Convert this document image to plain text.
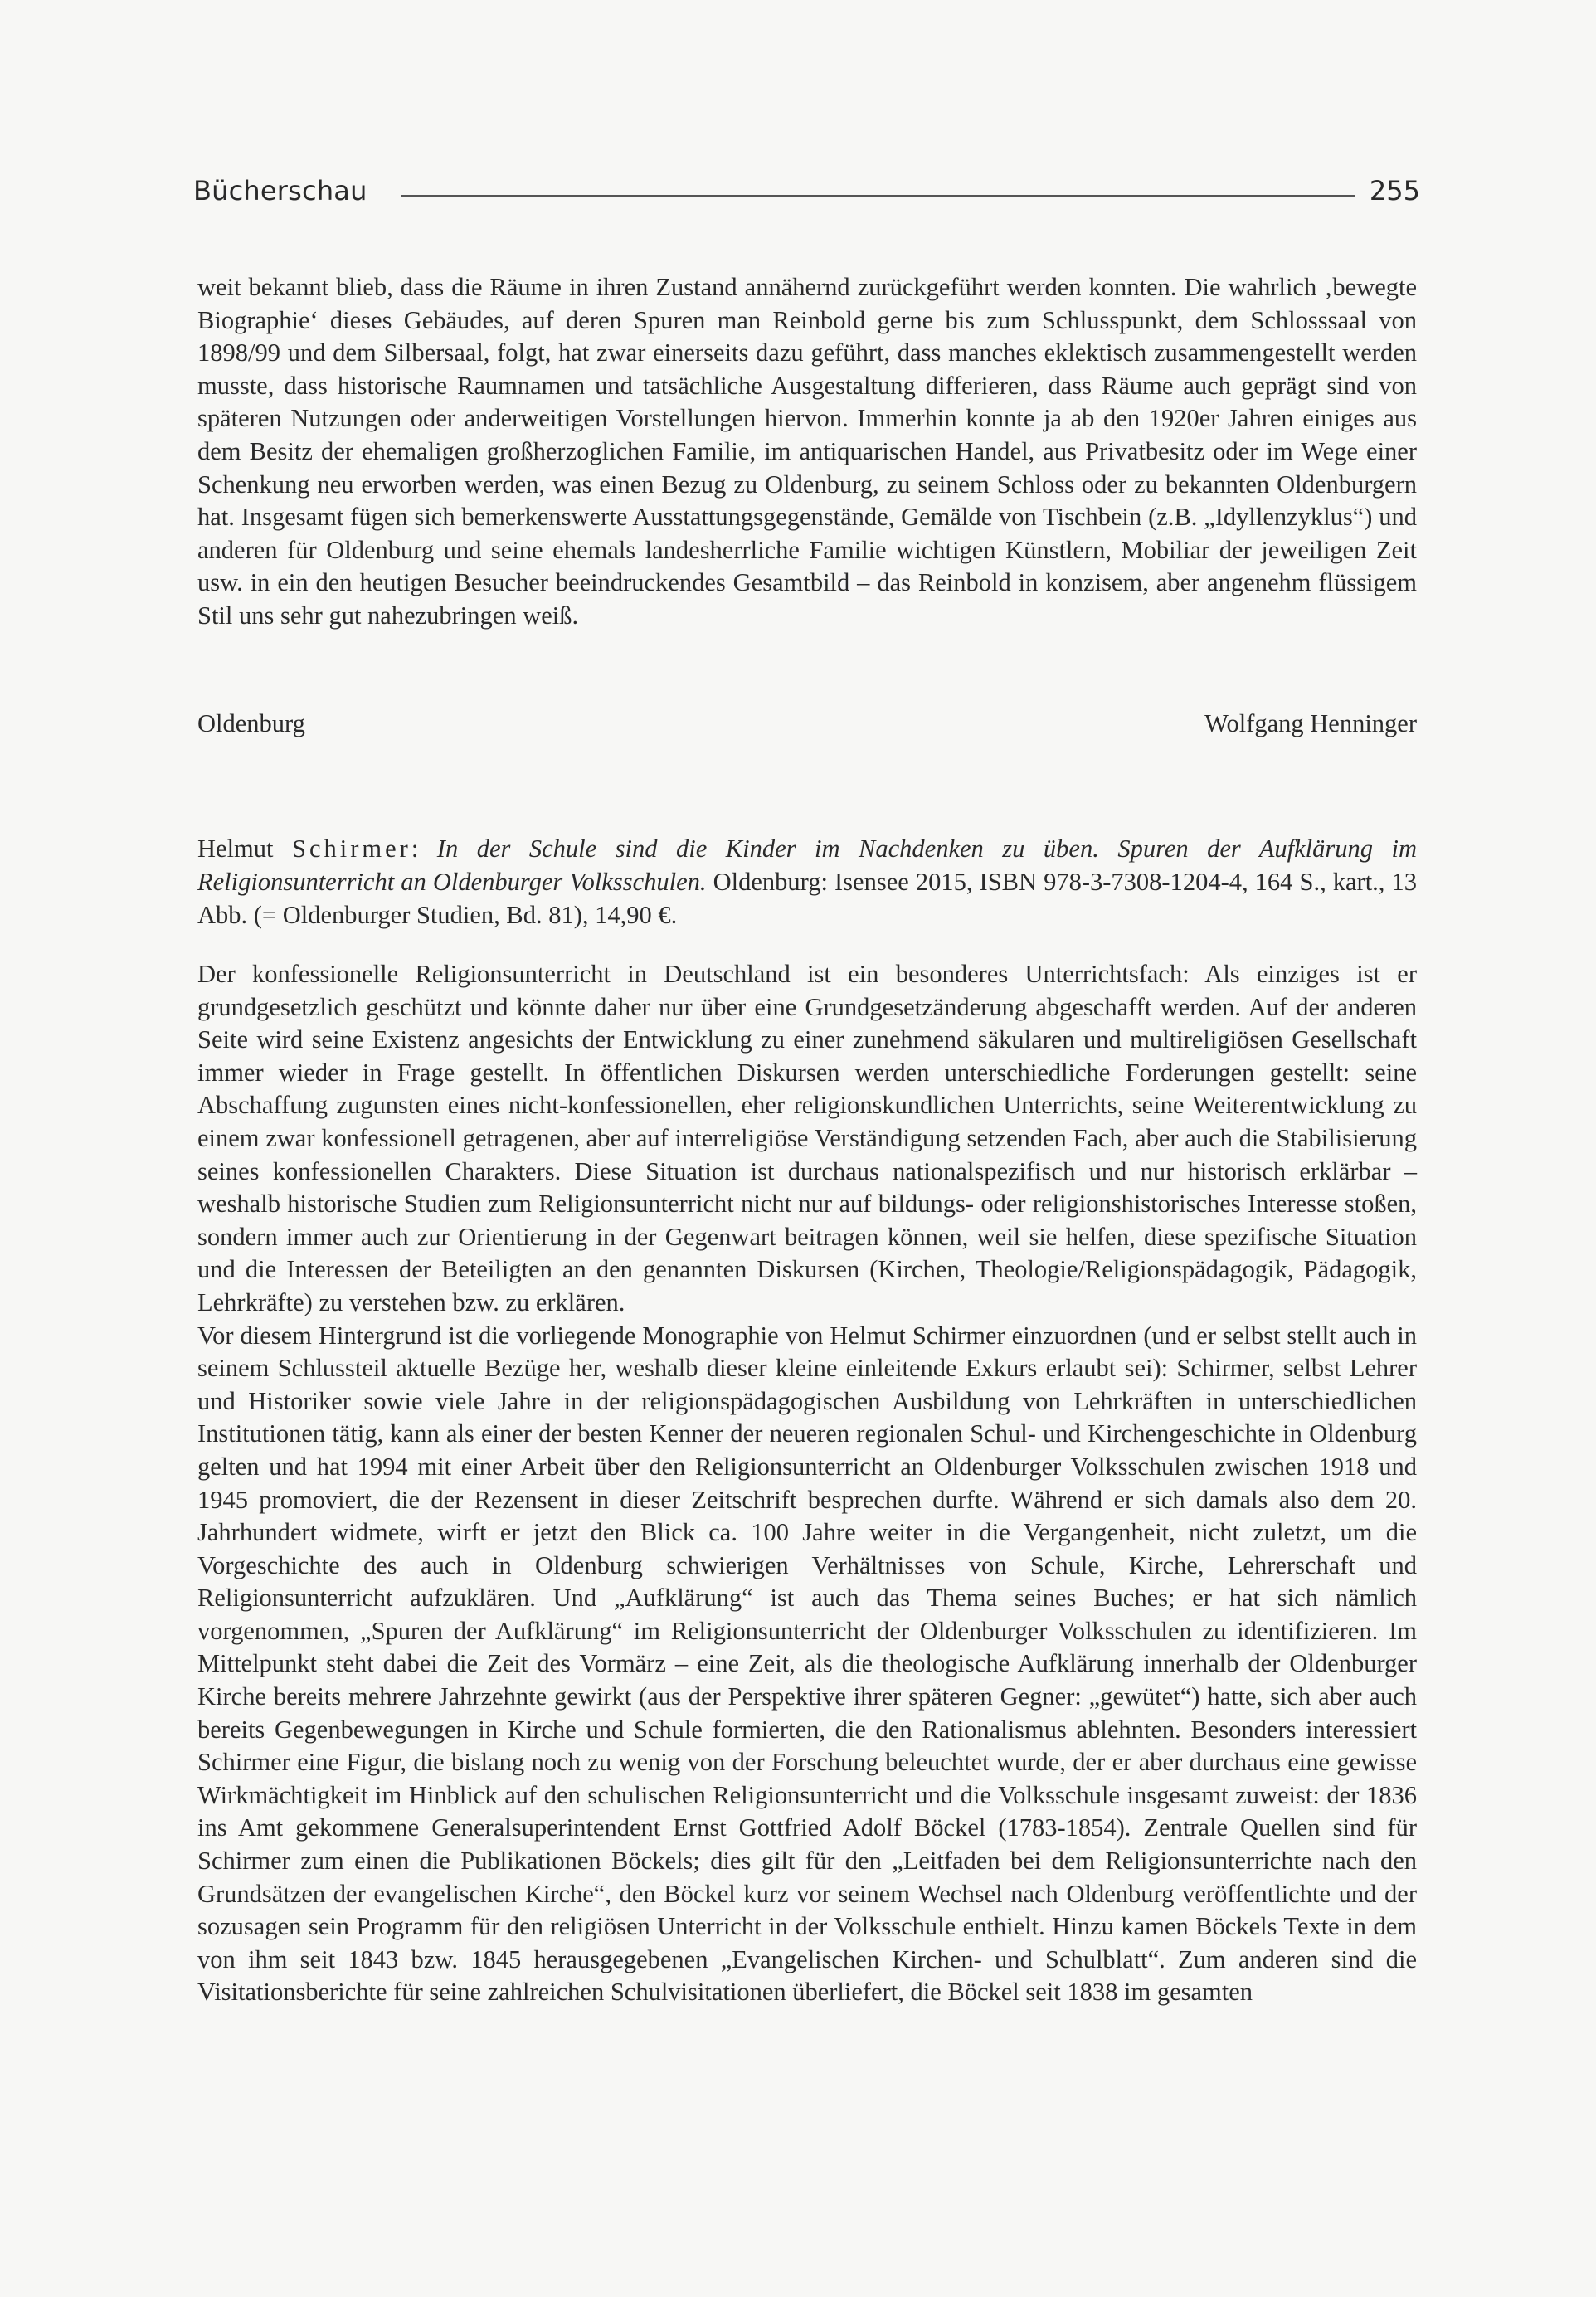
Bücherschau	255

weit bekannt blieb, dass die Räume in ihren Zustand annähernd zurückgeführt werden konnten. Die wahrlich ‚bewegte Biographie‘ dieses Gebäudes, auf deren Spuren man Reinbold gerne bis zum Schlusspunkt, dem Schlosssaal von 1898/99 und dem Silbersaal, folgt, hat zwar einerseits dazu geführt, dass manches eklektisch zusammengestellt werden musste, dass historische Raumnamen und tatsächliche Ausgestaltung differieren, dass Räume auch geprägt sind von späteren Nutzungen oder anderweitigen Vorstellungen hiervon. Immerhin konnte ja ab den 1920er Jahren einiges aus dem Besitz der ehemaligen großherzoglichen Familie, im antiquarischen Handel, aus Privatbesitz oder im Wege einer Schenkung neu erworben werden, was einen Bezug zu Oldenburg, zu seinem Schloss oder zu bekannten Oldenburgern hat. Insgesamt fügen sich bemerkenswerte Ausstattungsgegenstände, Gemälde von Tischbein (z.B. „Idyllenzyklus“) und anderen für Oldenburg und seine ehemals landesherrliche Familie wichtigen Künstlern, Mobiliar der jeweiligen Zeit usw. in ein den heutigen Besucher beeindruckendes Gesamtbild – das Reinbold in konzisem, aber angenehm flüssigem Stil uns sehr gut nahezubringen weiß.

Oldenburg	Wolfgang Henninger
Helmut Schirmer: In der Schule sind die Kinder im Nachdenken zu üben. Spuren der Aufklärung im Religionsunterricht an Oldenburger Volksschulen. Oldenburg: Isensee 2015, ISBN 978-3-7308-1204-4, 164 S., kart., 13 Abb. (= Oldenburger Studien, Bd. 81), 14,90 €.

Der konfessionelle Religionsunterricht in Deutschland ist ein besonderes Unterrichtsfach: Als einziges ist er grundgesetzlich geschützt und könnte daher nur über eine Grundgesetzänderung abgeschafft werden. Auf der anderen Seite wird seine Existenz angesichts der Entwicklung zu einer zunehmend säkularen und multireligiösen Gesellschaft immer wieder in Frage gestellt. In öffentlichen Diskursen werden unterschiedliche Forderungen gestellt: seine Abschaffung zugunsten eines nicht-konfessionellen, eher religionskundlichen Unterrichts, seine Weiterentwicklung zu einem zwar konfessionell getragenen, aber auf interreligiöse Verständigung setzenden Fach, aber auch die Stabilisierung seines konfessionellen Charakters. Diese Situation ist durchaus nationalspezifisch und nur historisch erklärbar – weshalb historische Studien zum Religionsunterricht nicht nur auf bildungs- oder religionshistorisches Interesse stoßen, sondern immer auch zur Orientierung in der Gegenwart beitragen können, weil sie helfen, diese spezifische Situation und die Interessen der Beteiligten an den genannten Diskursen (Kirchen, Theologie/Religionspädagogik, Pädagogik, Lehrkräfte) zu verstehen bzw. zu erklären.

Vor diesem Hintergrund ist die vorliegende Monographie von Helmut Schirmer einzuordnen (und er selbst stellt auch in seinem Schlussteil aktuelle Bezüge her, weshalb dieser kleine einleitende Exkurs erlaubt sei): Schirmer, selbst Lehrer und Historiker sowie viele Jahre in der religionspädagogischen Ausbildung von Lehrkräften in unterschiedlichen Institutionen tätig, kann als einer der besten Kenner der neueren regionalen Schul- und Kirchengeschichte in Oldenburg gelten und hat 1994 mit einer Arbeit über den Religionsunterricht an Oldenburger Volksschulen zwischen 1918 und 1945 promoviert, die der Rezensent in dieser Zeitschrift besprechen durfte. Während er sich damals also dem 20. Jahrhundert widmete, wirft er jetzt den Blick ca. 100 Jahre weiter in die Vergangenheit, nicht zuletzt, um die Vorgeschichte des auch in Oldenburg schwierigen Verhältnisses von Schule, Kirche, Lehrerschaft und Religionsunterricht aufzuklären. Und „Aufklärung“ ist auch das Thema seines Buches; er hat sich nämlich vorgenommen, „Spuren der Aufklärung“ im Religionsunterricht der Oldenburger Volksschulen zu identifizieren. Im Mittelpunkt steht dabei die Zeit des Vormärz – eine Zeit, als die theologische Aufklärung innerhalb der Oldenburger Kirche bereits mehrere Jahrzehnte gewirkt (aus der Perspektive ihrer späteren Gegner: „gewütet“) hatte, sich aber auch bereits Gegenbewegungen in Kirche und Schule formierten, die den Rationalismus ablehnten. Besonders interessiert Schirmer eine Figur, die bislang noch zu wenig von der Forschung beleuchtet wurde, der er aber durchaus eine gewisse Wirkmächtigkeit im Hinblick auf den schulischen Religionsunterricht und die Volksschule insgesamt zuweist: der 1836 ins Amt gekommene Generalsuperintendent Ernst Gottfried Adolf Böckel (1783-1854). Zentrale Quellen sind für Schirmer zum einen die Publikationen Böckels; dies gilt für den „Leitfaden bei dem Religionsunterrichte nach den Grundsätzen der evangelischen Kirche“, den Böckel kurz vor seinem Wechsel nach Oldenburg veröffentlichte und der sozusagen sein Programm für den religiösen Unterricht in der Volksschule enthielt. Hinzu kamen Böckels Texte in dem von ihm seit 1843 bzw. 1845 herausgegebenen „Evangelischen Kirchen- und Schulblatt“. Zum anderen sind die Visitationsberichte für seine zahlreichen Schulvisitationen überliefert, die Böckel seit 1838 im gesamten
